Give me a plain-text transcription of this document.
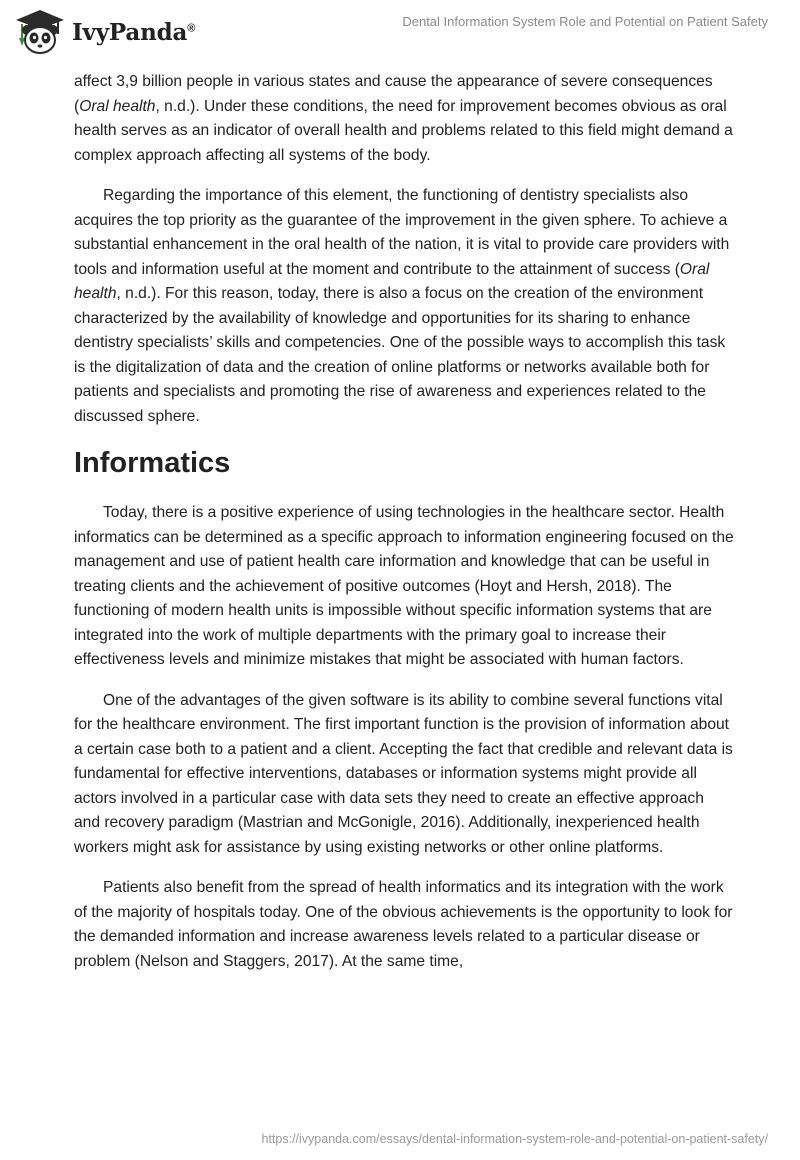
IvyPanda®	Dental Information System Role and Potential on Patient Safety

affect 3,9 billion people in various states and cause the appearance of severe consequences (Oral health, n.d.). Under these conditions, the need for improvement becomes obvious as oral health serves as an indicator of overall health and problems related to this field might demand a complex approach affecting all systems of the body.

Regarding the importance of this element, the functioning of dentistry specialists also acquires the top priority as the guarantee of the improvement in the given sphere. To achieve a substantial enhancement in the oral health of the nation, it is vital to provide care providers with tools and information useful at the moment and contribute to the attainment of success (Oral health, n.d.). For this reason, today, there is also a focus on the creation of the environment characterized by the availability of knowledge and opportunities for its sharing to enhance dentistry specialists’ skills and competencies. One of the possible ways to accomplish this task is the digitalization of data and the creation of online platforms or networks available both for patients and specialists and promoting the rise of awareness and experiences related to the discussed sphere.

Informatics

Today, there is a positive experience of using technologies in the healthcare sector. Health informatics can be determined as a specific approach to information engineering focused on the management and use of patient health care information and knowledge that can be useful in treating clients and the achievement of positive outcomes (Hoyt and Hersh, 2018). The functioning of modern health units is impossible without specific information systems that are integrated into the work of multiple departments with the primary goal to increase their effectiveness levels and minimize mistakes that might be associated with human factors.

One of the advantages of the given software is its ability to combine several functions vital for the healthcare environment. The first important function is the provision of information about a certain case both to a patient and a client. Accepting the fact that credible and relevant data is fundamental for effective interventions, databases or information systems might provide all actors involved in a particular case with data sets they need to create an effective approach and recovery paradigm (Mastrian and McGonigle, 2016). Additionally, inexperienced health workers might ask for assistance by using existing networks or other online platforms.

Patients also benefit from the spread of health informatics and its integration with the work of the majority of hospitals today. One of the obvious achievements is the opportunity to look for the demanded information and increase awareness levels related to a particular disease or problem (Nelson and Staggers, 2017). At the same time,

https://ivypanda.com/essays/dental-information-system-role-and-potential-on-patient-safety/
